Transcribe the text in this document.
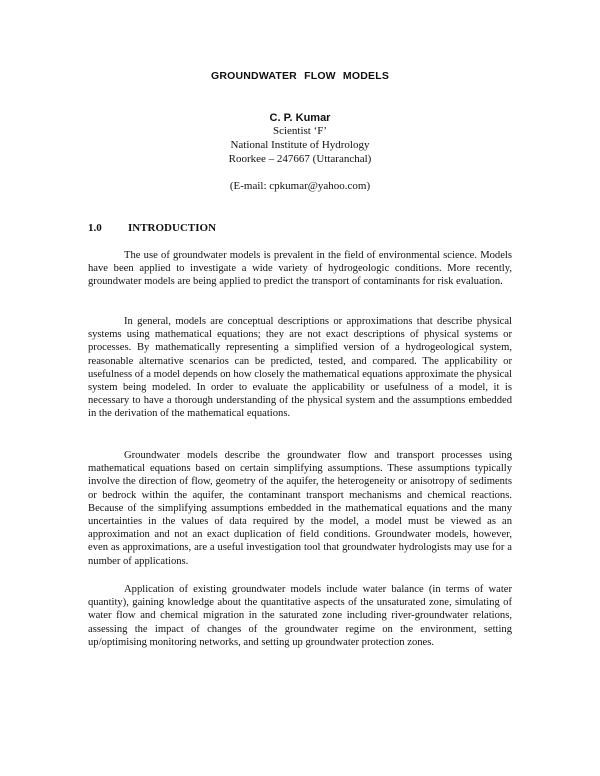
GROUNDWATER FLOW MODELS
C. P. Kumar
Scientist ‘F’
National Institute of Hydrology
Roorkee – 247667 (Uttaranchal)
(E-mail: cpkumar@yahoo.com)
1.0 INTRODUCTION

The use of groundwater models is prevalent in the field of environmental science. Models have been applied to investigate a wide variety of hydrogeologic conditions. More recently, groundwater models are being applied to predict the transport of contaminants for risk evaluation.

In general, models are conceptual descriptions or approximations that describe physical systems using mathematical equations; they are not exact descriptions of physical systems or processes. By mathematically representing a simplified version of a hydrogeological system, reasonable alternative scenarios can be predicted, tested, and compared. The applicability or usefulness of a model depends on how closely the mathematical equations approximate the physical system being modeled. In order to evaluate the applicability or usefulness of a model, it is necessary to have a thorough understanding of the physical system and the assumptions embedded in the derivation of the mathematical equations.

Groundwater models describe the groundwater flow and transport processes using mathematical equations based on certain simplifying assumptions. These assumptions typically involve the direction of flow, geometry of the aquifer, the heterogeneity or anisotropy of sediments or bedrock within the aquifer, the contaminant transport mechanisms and chemical reactions. Because of the simplifying assumptions embedded in the mathematical equations and the many uncertainties in the values of data required by the model, a model must be viewed as an approximation and not an exact duplication of field conditions. Groundwater models, however, even as approximations, are a useful investigation tool that groundwater hydrologists may use for a number of applications.

Application of existing groundwater models include water balance (in terms of water quantity), gaining knowledge about the quantitative aspects of the unsaturated zone, simulating of water flow and chemical migration in the saturated zone including river-groundwater relations, assessing the impact of changes of the groundwater regime on the environment, setting up/optimising monitoring networks, and setting up groundwater protection zones.
